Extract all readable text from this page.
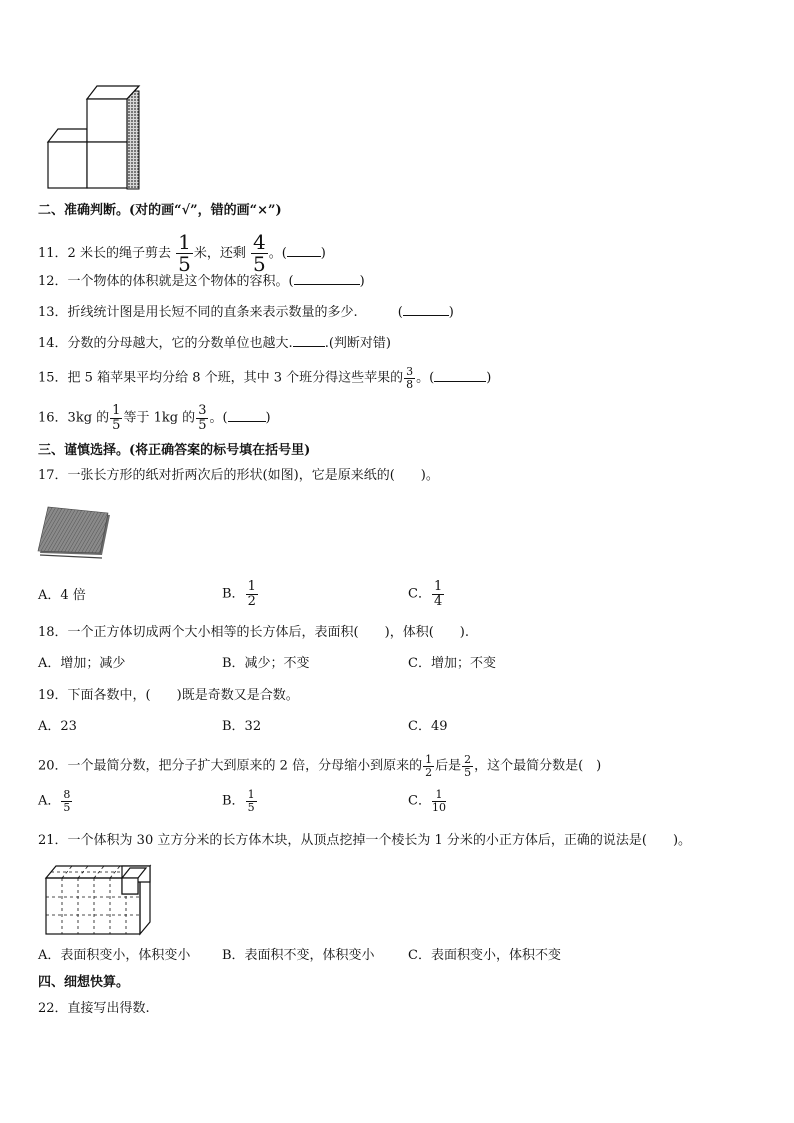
二、准确判断。(对的画“√”，错的画“×”)
11．2 米长的绳子剪去 $\frac{1}{5}$ 米，还剩 $\frac{4}{5}$ 。(	)
12．一个物体的体积就是这个物体的容积。(	)
13．折线统计图是用长短不同的直条来表示数量的多少.	(	)
14．分数的分母越大，它的分数单位也越大. .(判断对错)
15．把 5 箱苹果平均分给 8 个班，其中 3 个班分得这些苹果的 $\frac{3}{8}$ 。(	)
16．3kg 的 $\frac{1}{5}$ 等于 1kg 的 $\frac{3}{5}$ 。(	)
三、谨慎选择。(将正确答案的标号填在括号里)
17．一张长方形的纸对折两次后的形状(如图)，它是原来纸的(　　)。
A．4 倍	B． $\frac{1}{2}$	C． $\frac{1}{4}$
18．一个正方体切成两个大小相等的长方体后，表面积(　　)，体积(　　).
A．增加；减少	B．减少；不变	C．增加；不变
19．下面各数中，(　　)既是奇数又是合数。
A．23	B．32	C．49
20．一个最简分数，把分子扩大到原来的 2 倍，分母缩小到原来的 $\frac{1}{2}$ 后是 $\frac{2}{5}$ ，这个最简分数是(　)
A． $\frac{8}{5}$	B． $\frac{1}{5}$	C． $\frac{1}{10}$
21．一个体积为 30 立方分米的长方体木块，从顶点挖掉一个棱长为 1 分米的小正方体后，正确的说法是(　　)。
A．表面积变小，体积变小 B．表面积不变，体积变小	C．表面积变小，体积不变
四、细想快算。
22．直接写出得数.
